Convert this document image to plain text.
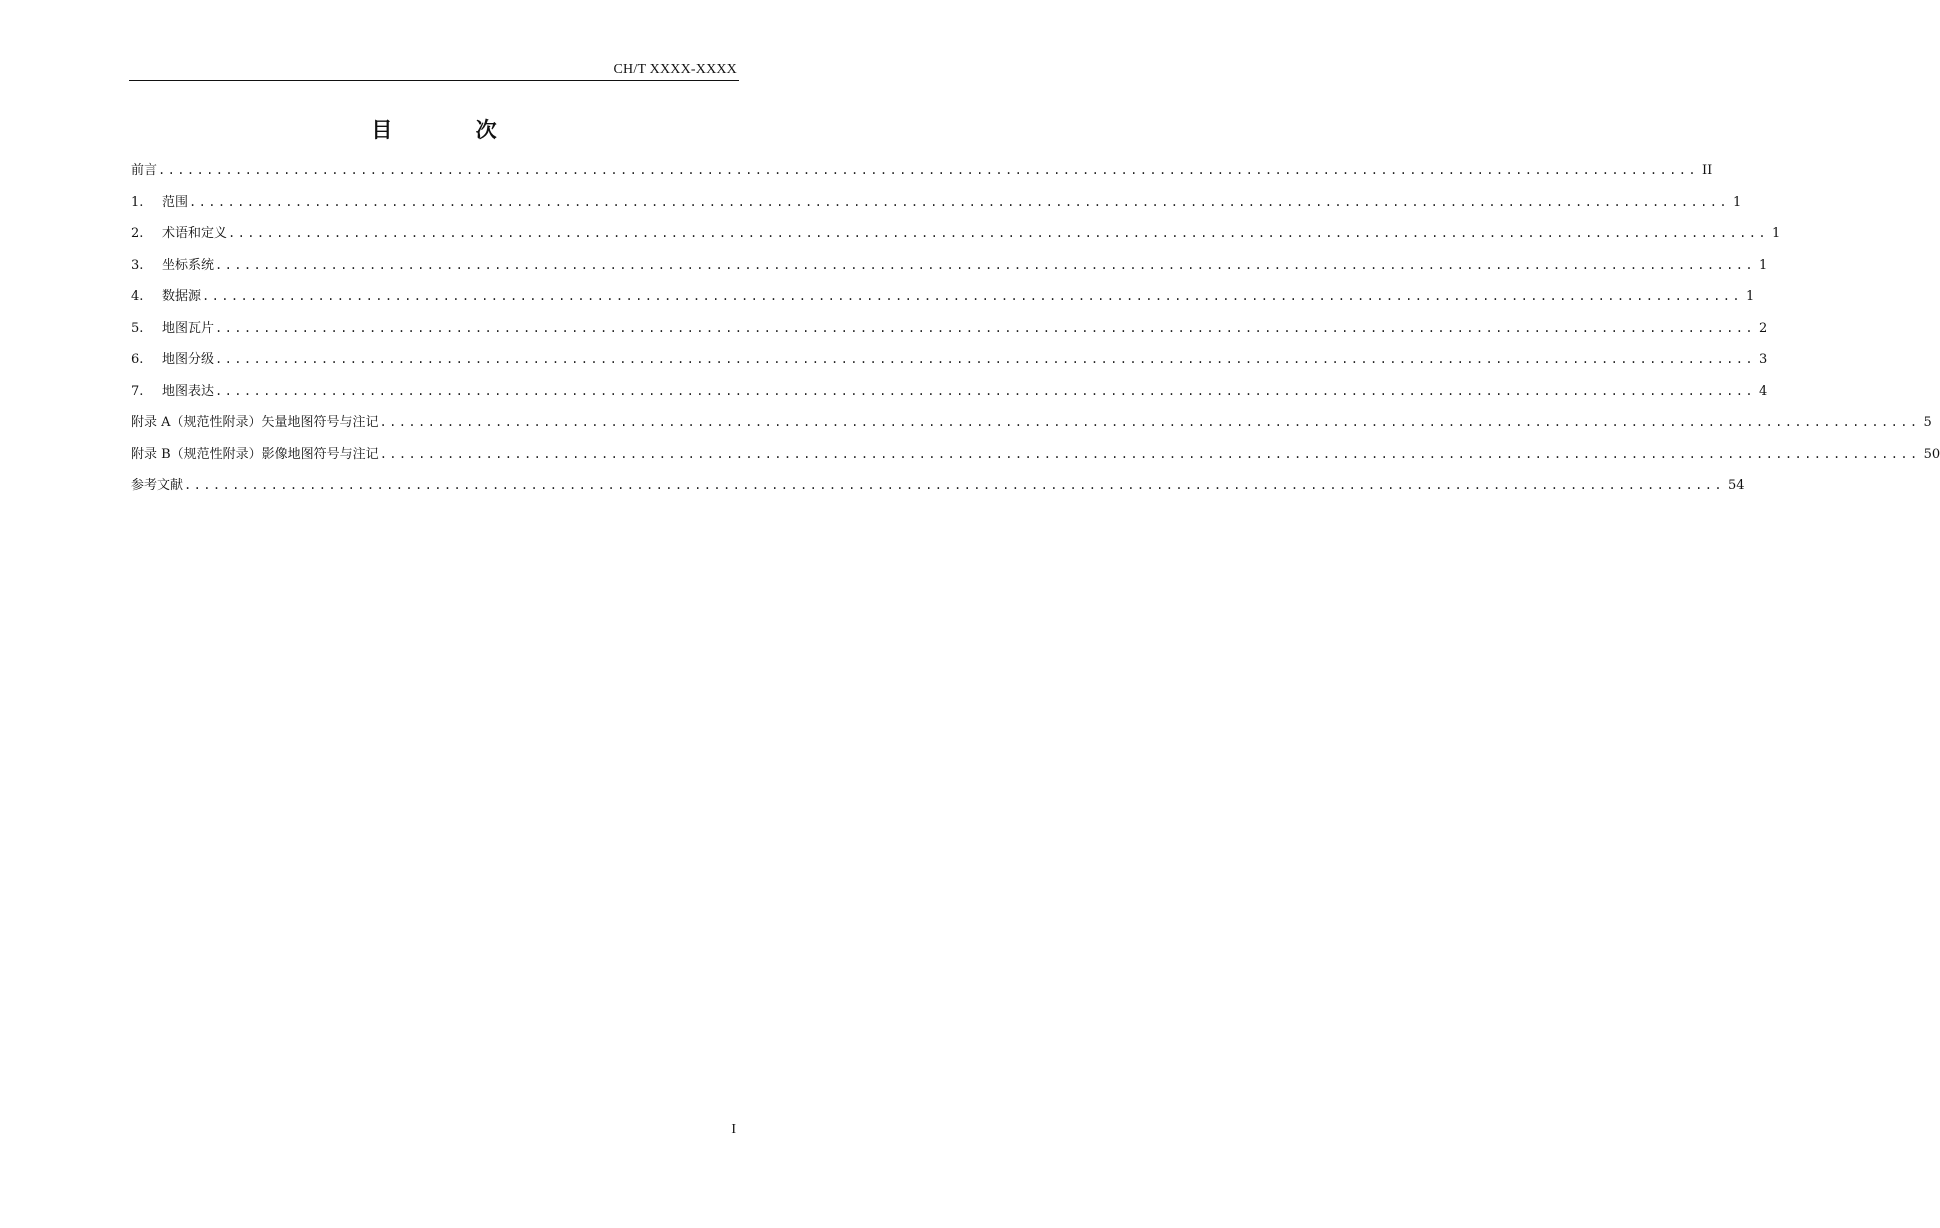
CH/T XXXX-XXXX
目 次
前言 ................................................................................................................................................................ II
1.	范围 ................................................................................................................................................................ 1
2.	术语和定义 ................................................................................................................................................................ 1
3.	坐标系统 ................................................................................................................................................................ 1
4.	数据源 ................................................................................................................................................................ 1
5.	地图瓦片 ................................................................................................................................................................ 2
6.	地图分级 ................................................................................................................................................................ 3
7.	地图表达 ................................................................................................................................................................ 4
附录 A（规范性附录）矢量地图符号与注记 ................................................................................................................................................................ 5
附录 B（规范性附录）影像地图符号与注记 ................................................................................................................................................................ 50
参考文献 ................................................................................................................................................................ 54
I
